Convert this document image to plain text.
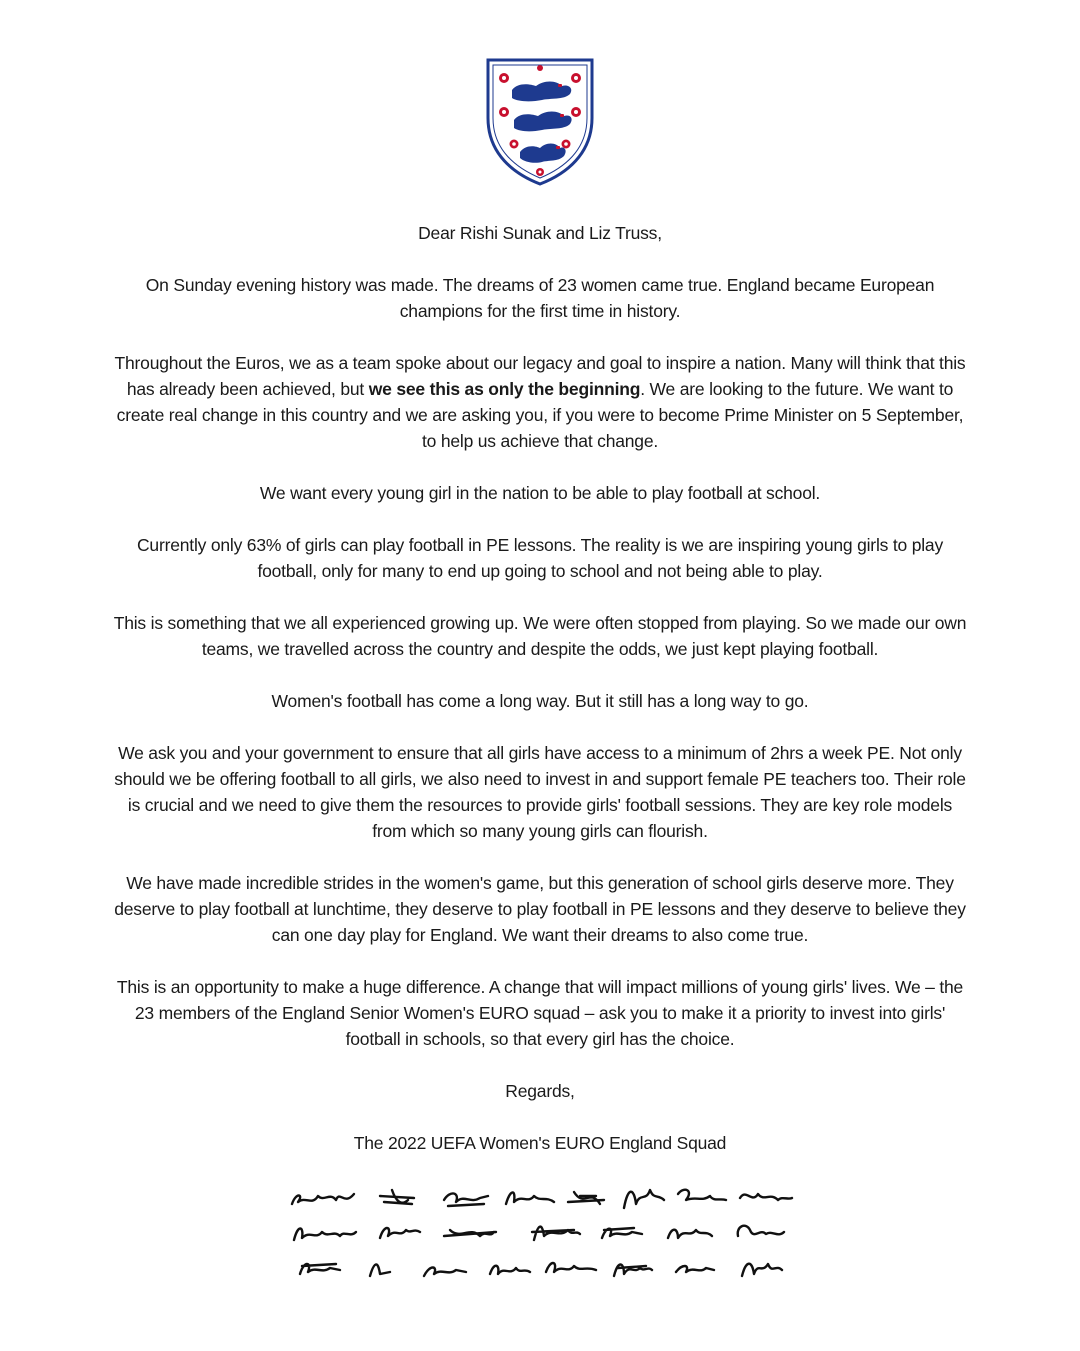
Dear Rishi Sunak and Liz Truss,

On Sunday evening history was made. The dreams of 23 women came true. England became European champions for the first time in history.

Throughout the Euros, we as a team spoke about our legacy and goal to inspire a nation. Many will think that this has already been achieved, but we see this as only the beginning. We are looking to the future. We want to create real change in this country and we are asking you, if you were to become Prime Minister on 5 September, to help us achieve that change.

We want every young girl in the nation to be able to play football at school.

Currently only 63% of girls can play football in PE lessons. The reality is we are inspiring young girls to play football, only for many to end up going to school and not being able to play.

This is something that we all experienced growing up. We were often stopped from playing. So we made our own teams, we travelled across the country and despite the odds, we just kept playing football.

Women's football has come a long way. But it still has a long way to go.

We ask you and your government to ensure that all girls have access to a minimum of 2hrs a week PE. Not only should we be offering football to all girls, we also need to invest in and support female PE teachers too. Their role is crucial and we need to give them the resources to provide girls' football sessions. They are key role models from which so many young girls can flourish.

We have made incredible strides in the women's game, but this generation of school girls deserve more. They deserve to play football at lunchtime, they deserve to play football in PE lessons and they deserve to believe they can one day play for England. We want their dreams to also come true.

This is an opportunity to make a huge difference. A change that will impact millions of young girls' lives. We – the 23 members of the England Senior Women's EURO squad – ask you to make it a priority to invest into girls' football in schools, so that every girl has the choice.

Regards,

The 2022 UEFA Women's EURO England Squad
